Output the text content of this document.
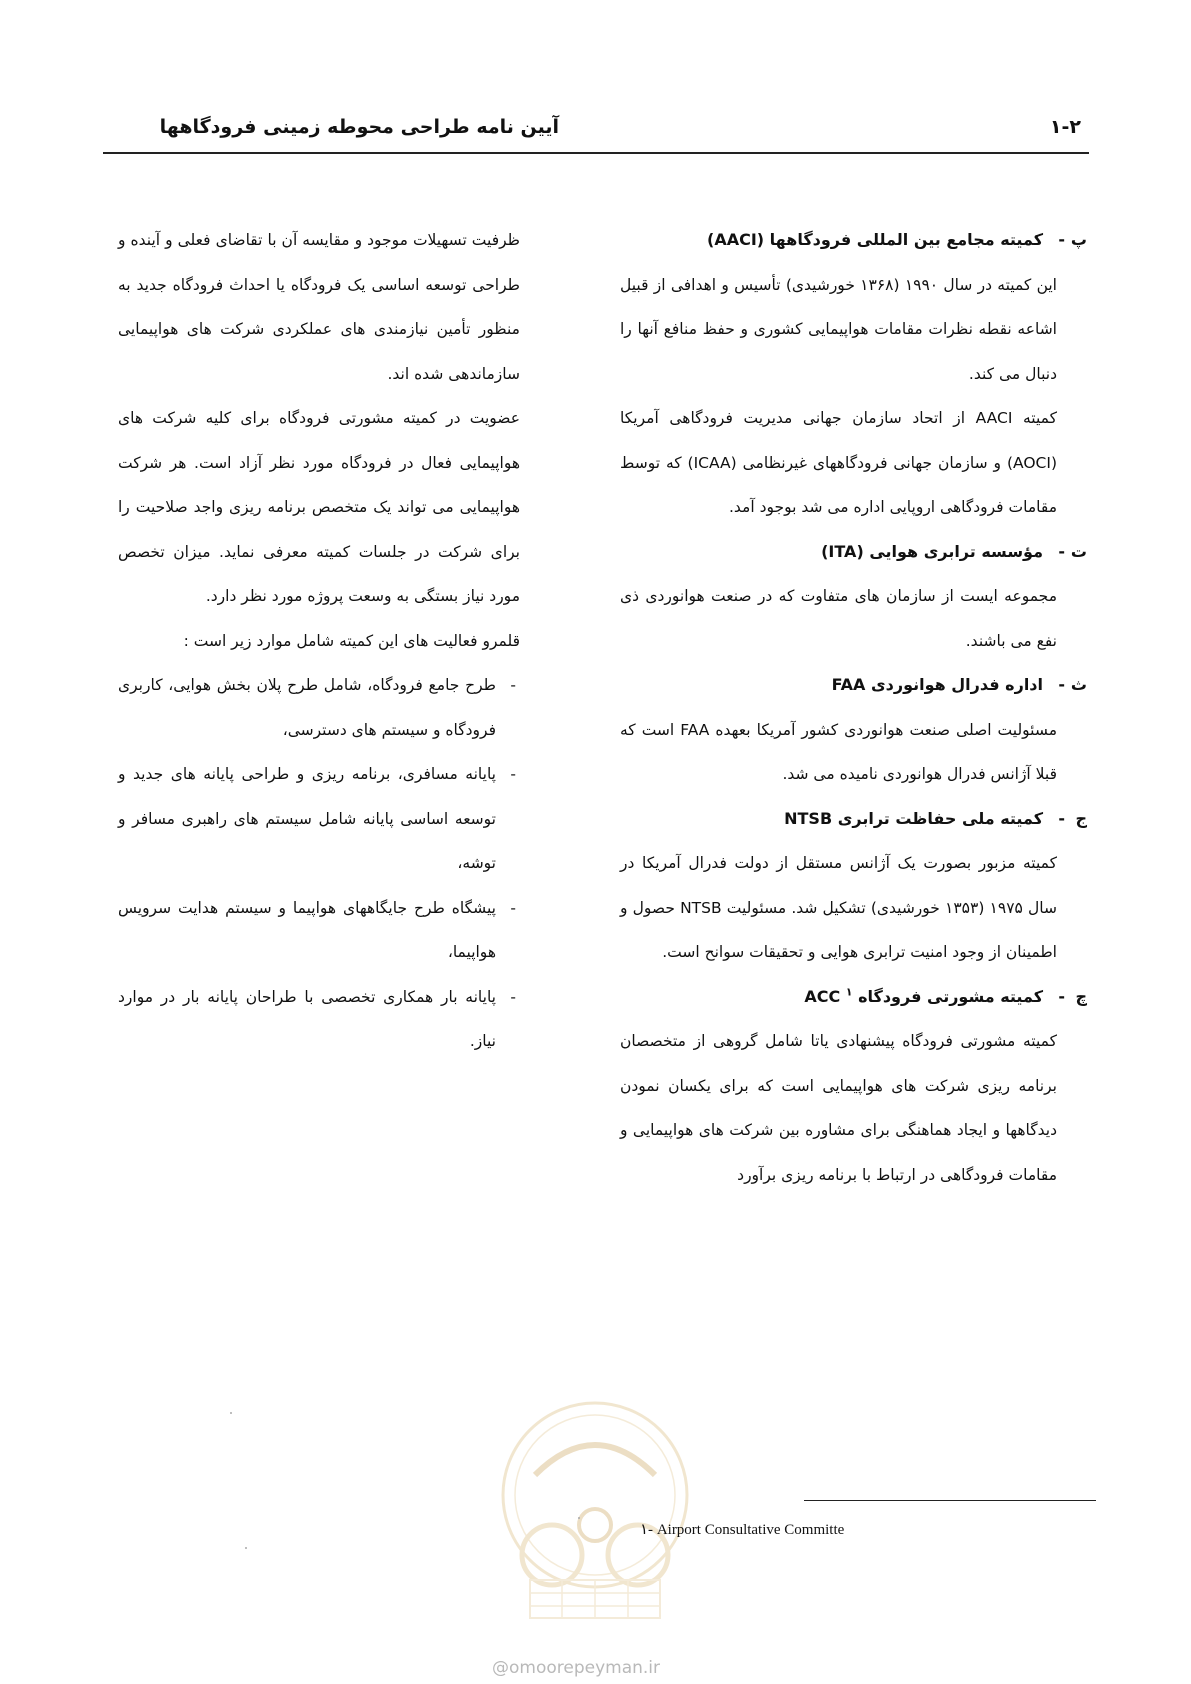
آیین نامه طراحی محوطه زمینی فرودگاهها	۱-۲
پ-کمیته مجامع بین المللی فرودگاهها (AACI)

این کمیته در سال ۱۹۹۰ (۱۳۶۸ خورشیدی) تأسیس و اهدافی از قبیل اشاعه نقطه نظرات مقامات هواپیمایی کشوری و حفظ منافع آنها را دنبال می کند.

کمیته AACI از اتحاد سازمان جهانی مدیریت فرودگاهی آمریکا (AOCI) و سازمان جهانی فرودگاههای غیرنظامی (ICAA) که توسط مقامات فرودگاهی اروپایی اداره می شد بوجود آمد.

ت-مؤسسه ترابری هوایی (ITA)

مجموعه ایست از سازمان های متفاوت که در صنعت هوانوردی ذی نفع می باشند.

ث-اداره فدرال هوانوردی FAA

مسئولیت اصلی صنعت هوانوردی کشور آمریکا بعهده FAA است که قبلا آژانس فدرال هوانوردی نامیده می شد.

ج-کمیته ملی حفاظت ترابری NTSB

کمیته مزبور بصورت یک آژانس مستقل از دولت فدرال آمریکا در سال ۱۹۷۵ (۱۳۵۳ خورشیدی) تشکیل شد. مسئولیت NTSB حصول و اطمینان از وجود امنیت ترابری هوایی و تحقیقات سوانح است.

چ-کمیته مشورتی فرودگاه ACC $^۱$

کمیته مشورتی فرودگاه پیشنهادی یاتا شامل گروهی از متخصصان برنامه ریزی شرکت های هواپیمایی است که برای یکسان نمودن دیدگاهها و ایجاد هماهنگی برای مشاوره بین شرکت های هواپیمایی و مقامات فرودگاهی در ارتباط با برنامه ریزی برآورد

ظرفیت تسهیلات موجود و مقایسه آن با تقاضای فعلی و آینده و طراحی توسعه اساسی یک فرودگاه یا احداث فرودگاه جدید به منظور تأمین نیازمندی های عملکردی شرکت های هواپیمایی سازماندهی شده اند.

عضویت در کمیته مشورتی فرودگاه برای کلیه شرکت های هواپیمایی فعال در فرودگاه مورد نظر آزاد است. هر شرکت هواپیمایی می تواند یک متخصص برنامه ریزی واجد صلاحیت را برای شرکت در جلسات کمیته معرفی نماید. میزان تخصص مورد نیاز بستگی به وسعت پروژه مورد نظر دارد.

قلمرو فعالیت های این کمیته شامل موارد زیر است :

-
طرح جامع فرودگاه، شامل طرح پلان بخش هوایی، کاربری فرودگاه و سیستم های دسترسی،
-
پایانه مسافری، برنامه ریزی و طراحی پایانه های جدید و توسعه اساسی پایانه شامل سیستم های راهبری مسافر و توشه،
-
پیشگاه طرح جایگاههای هواپیما و سیستم هدایت سرویس هواپیما،
-
پایانه بار همکاری تخصصی با طراحان پایانه بار در موارد نیاز.
۱- Airport Consultative Committe
@omoorepeyman.ir
